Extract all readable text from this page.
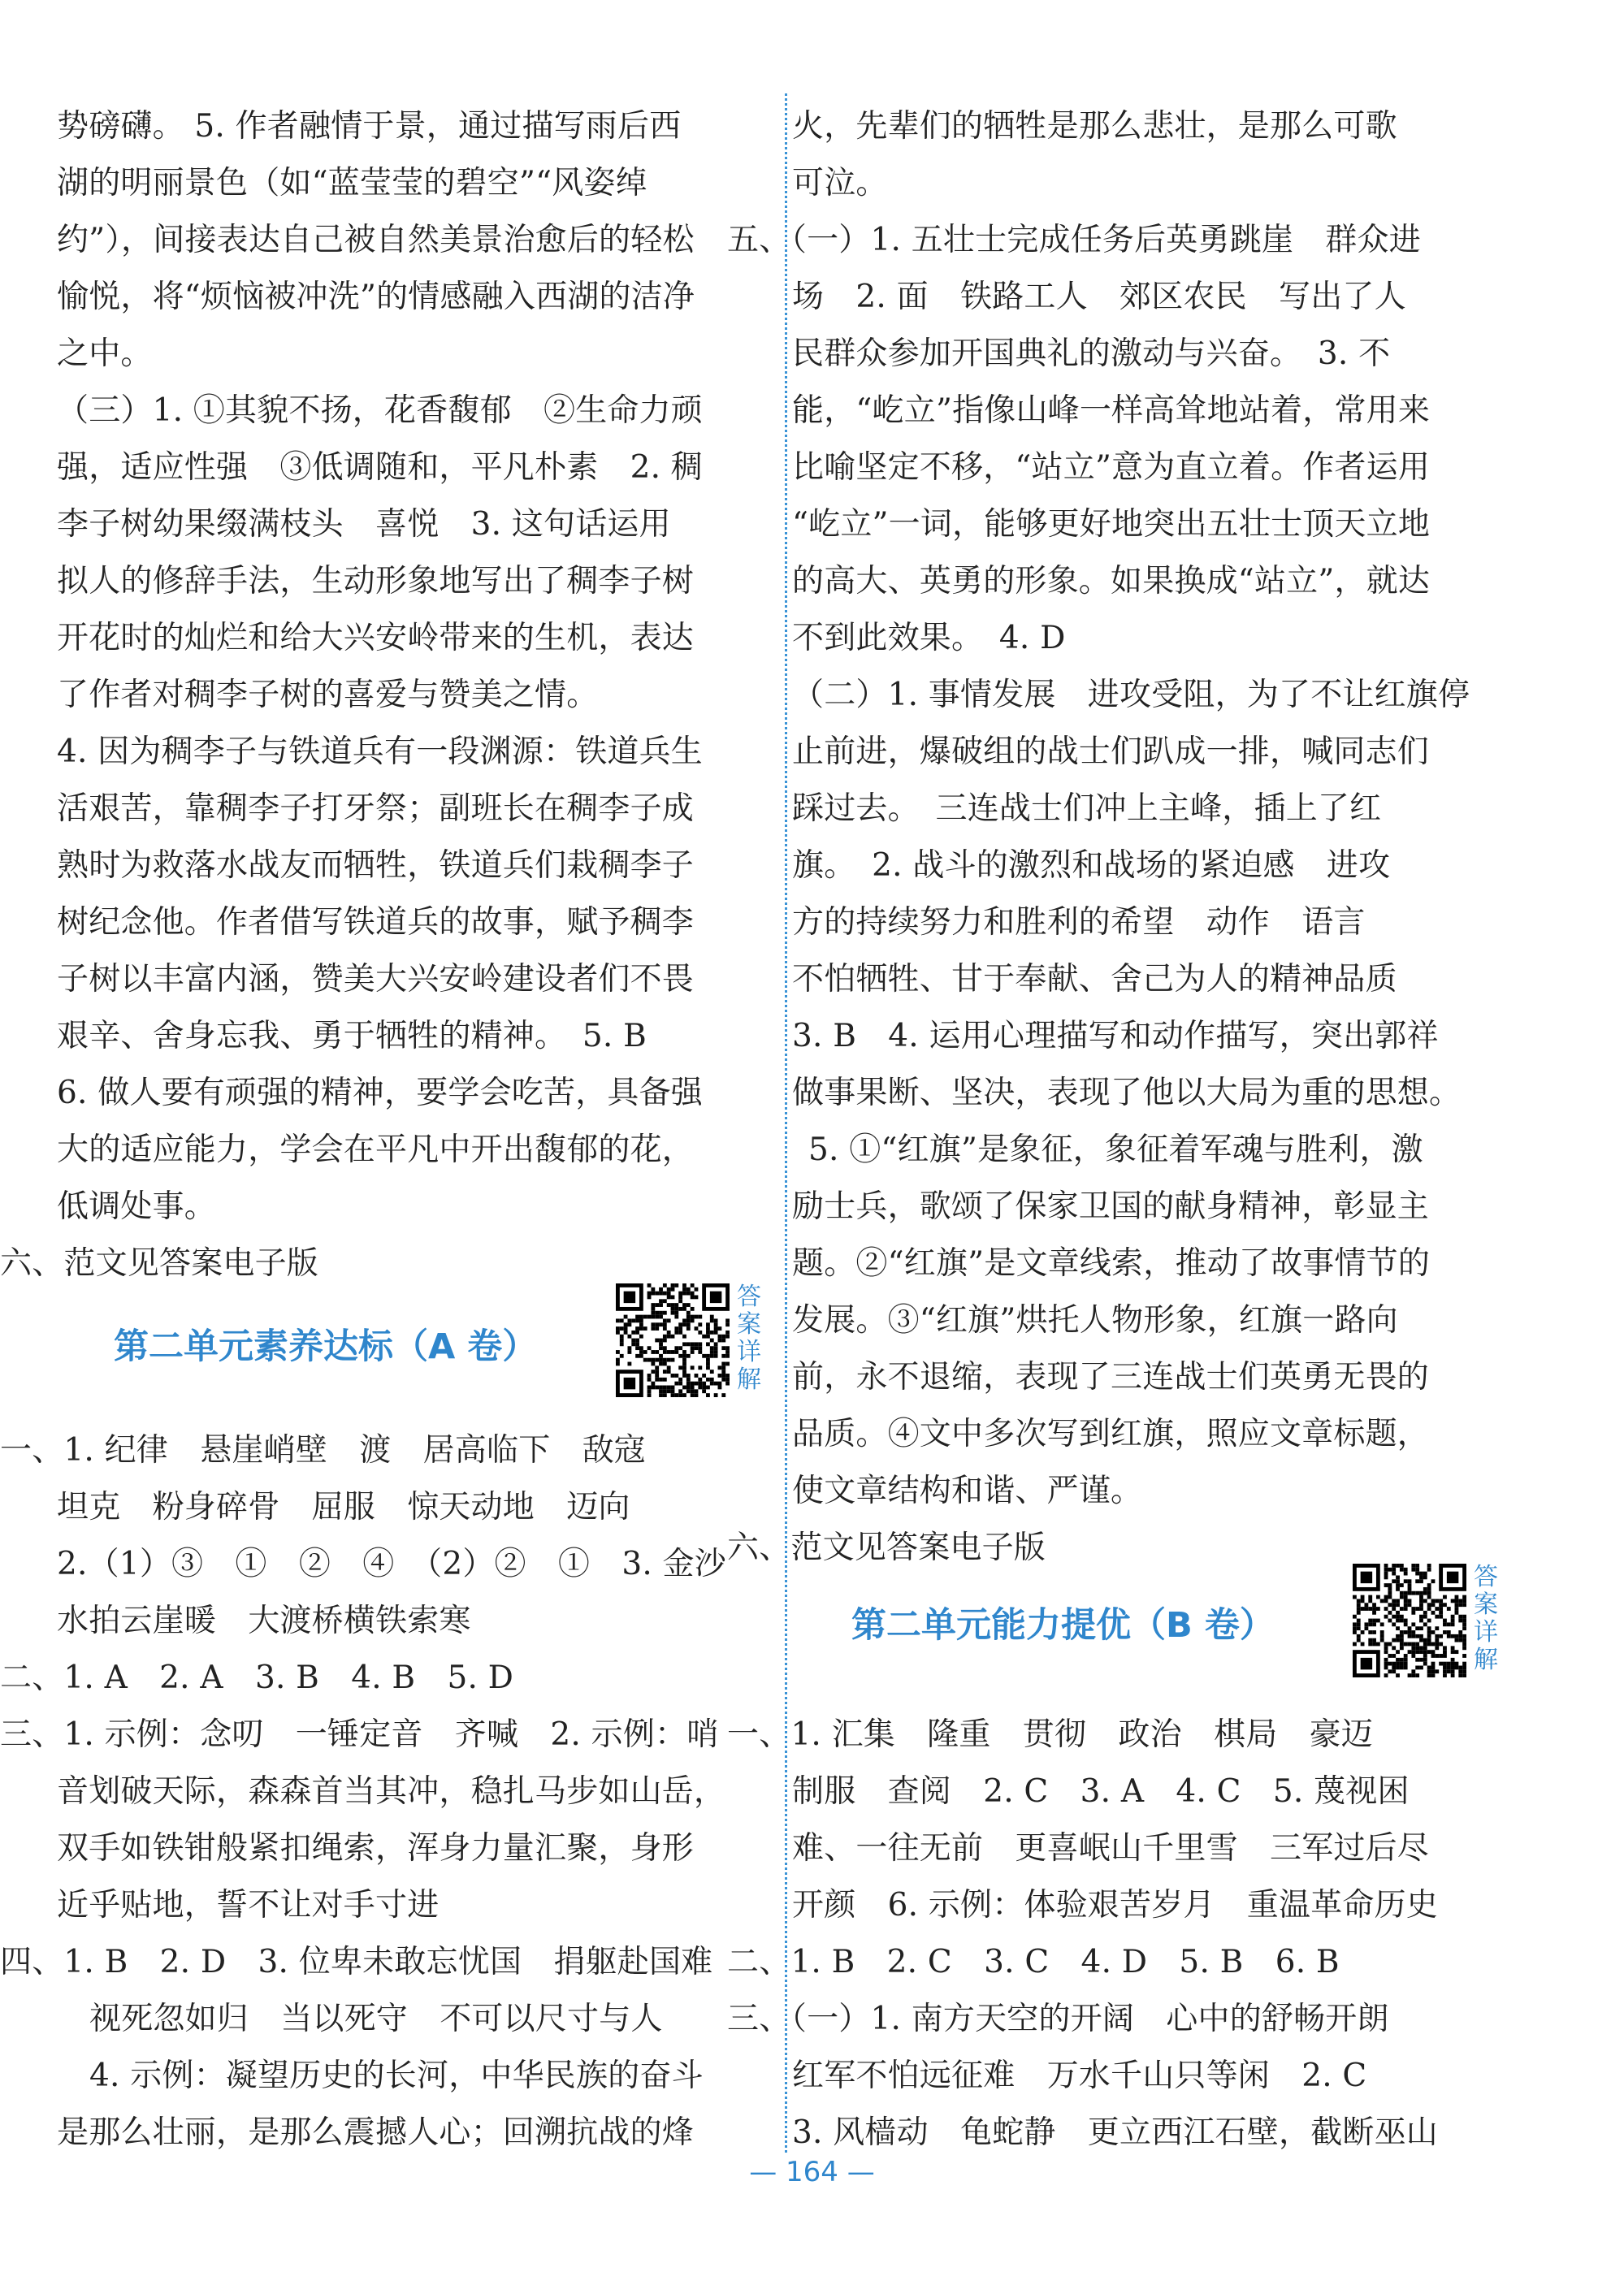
势磅礴。 5. 作者融情于景，通过描写雨后西
湖的明丽景色（如“蓝莹莹的碧空”“风姿绰
约”），间接表达自己被自然美景治愈后的轻松
愉悦，将“烦恼被冲洗”的情感融入西湖的洁净
之中。
（三）1. ①其貌不扬，花香馥郁　②生命力顽
强，适应性强　③低调随和，平凡朴素　2. 稠
李子树幼果缀满枝头　喜悦　3. 这句话运用
拟人的修辞手法，生动形象地写出了稠李子树
开花时的灿烂和给大兴安岭带来的生机，表达
了作者对稠李子树的喜爱与赞美之情。
4. 因为稠李子与铁道兵有一段渊源：铁道兵生
活艰苦，靠稠李子打牙祭；副班长在稠李子成
熟时为救落水战友而牺牲，铁道兵们栽稠李子
树纪念他。作者借写铁道兵的故事，赋予稠李
子树以丰富内涵，赞美大兴安岭建设者们不畏
艰辛、舍身忘我、勇于牺牲的精神。　5. B
6. 做人要有顽强的精神，要学会吃苦，具备强
大的适应能力，学会在平凡中开出馥郁的花，
低调处事。
六、范文见答案电子版
一、1. 纪律　悬崖峭壁　渡　居高临下　敌寇
坦克　粉身碎骨　屈服　惊天动地　迈向
2.（1）③　①　②　④　（2）②　①　3. 金沙
水拍云崖暖　大渡桥横铁索寒
二、1. A　2. A　3. B　4. B　5. D
三、1. 示例：念叨　一锤定音　齐喊　2. 示例：哨
音划破天际，森森首当其冲，稳扎马步如山岳，
双手如铁钳般紧扣绳索，浑身力量汇聚，身形
近乎贴地，誓不让对手寸进
四、1. B　2. D　3. 位卑未敢忘忧国　捐躯赴国难
视死忽如归　当以死守　不可以尺寸与人
4. 示例：凝望历史的长河，中华民族的奋斗
是那么壮丽，是那么震撼人心；回溯抗战的烽
火，先辈们的牺牲是那么悲壮，是那么可歌
可泣。
五、（一）1. 五壮士完成任务后英勇跳崖　群众进
场　2. 面　铁路工人　郊区农民　写出了人
民群众参加开国典礼的激动与兴奋。　3. 不
能，“屹立”指像山峰一样高耸地站着，常用来
比喻坚定不移，“站立”意为直立着。作者运用
“屹立”一词，能够更好地突出五壮士顶天立地
的高大、英勇的形象。如果换成“站立”，就达
不到此效果。　4. D
（二）1. 事情发展　进攻受阻，为了不让红旗停
止前进，爆破组的战士们趴成一排，喊同志们
踩过去。　三连战士们冲上主峰，插上了红
旗。　2. 战斗的激烈和战场的紧迫感　进攻
方的持续努力和胜利的希望　动作　语言
不怕牺牲、甘于奉献、舍己为人的精神品质
3. B　4. 运用心理描写和动作描写，突出郭祥
做事果断、坚决，表现了他以大局为重的思想。
5. ①“红旗”是象征，象征着军魂与胜利，激
励士兵，歌颂了保家卫国的献身精神，彰显主
题。②“红旗”是文章线索，推动了故事情节的
发展。③“红旗”烘托人物形象，红旗一路向
前，永不退缩，表现了三连战士们英勇无畏的
品质。④文中多次写到红旗，照应文章标题，
使文章结构和谐、严谨。
六、范文见答案电子版
一、1. 汇集　隆重　贯彻　政治　棋局　豪迈
制服　查阅　2. C　3. A　4. C　5. 蔑视困
难、一往无前　更喜岷山千里雪　三军过后尽
开颜　6. 示例：体验艰苦岁月　重温革命历史
二、1. B　2. C　3. C　4. D　5. B　6. B
三、（一）1. 南方天空的开阔　心中的舒畅开朗
红军不怕远征难　万水千山只等闲　2. C
3. 风樯动　龟蛇静　更立西江石壁，截断巫山
第二单元素养达标（A 卷）
答案详解
第二单元能力提优（B 卷）
答案详解
— 164 —
